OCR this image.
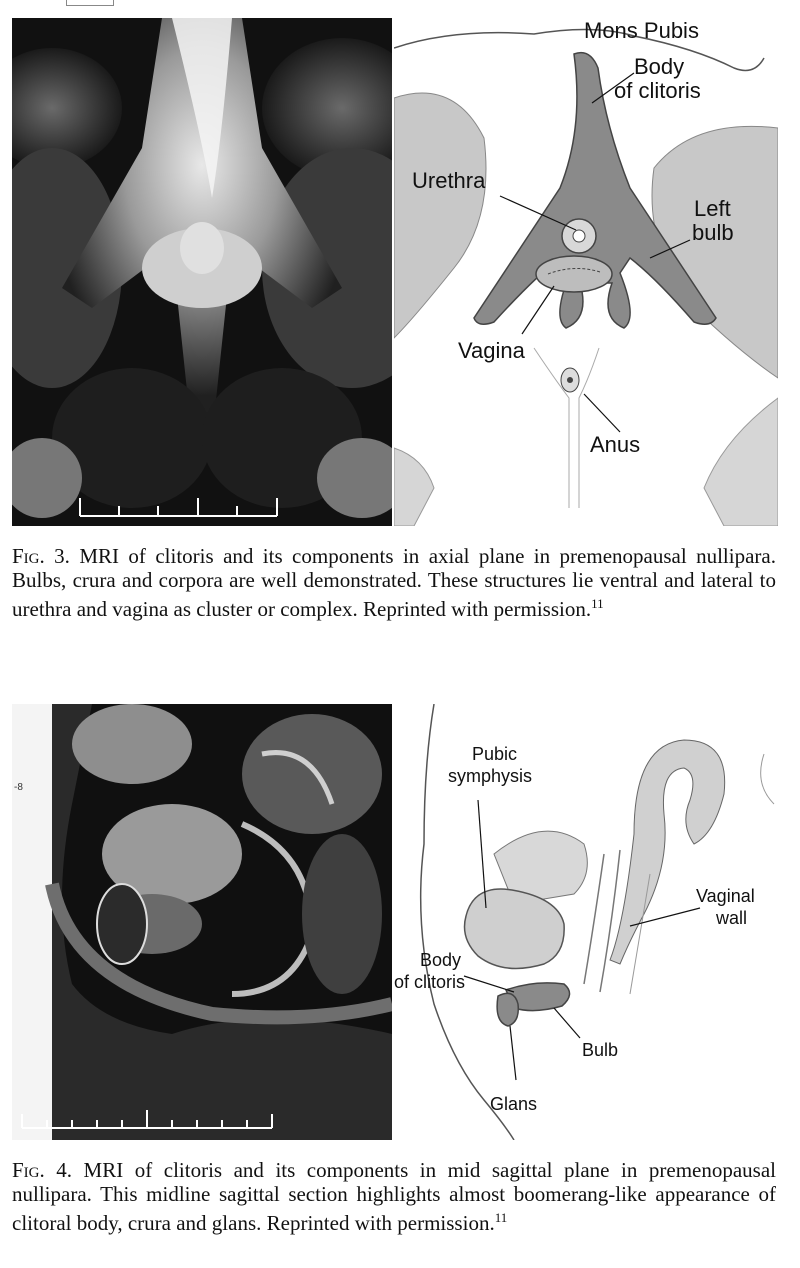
Mons Pubis
Body
of clitoris
Urethra
Left
bulb
Vagina
Anus
Fig. 3. MRI of clitoris and its components in axial plane in premenopausal nullipara. Bulbs, crura and corpora are well demonstrated. These structures lie ventral and lateral to urethra and vagina as cluster or complex. Reprinted with permission.$^{11}$
-8
Pubic
symphysis
Vaginal
wall
Body
of clitoris
Bulb
Glans
Fig. 4. MRI of clitoris and its components in mid sagittal plane in premenopausal nullipara. This midline sagittal section highlights almost boomerang-like appearance of clitoral body, crura and glans. Reprinted with permission.$^{11}$
